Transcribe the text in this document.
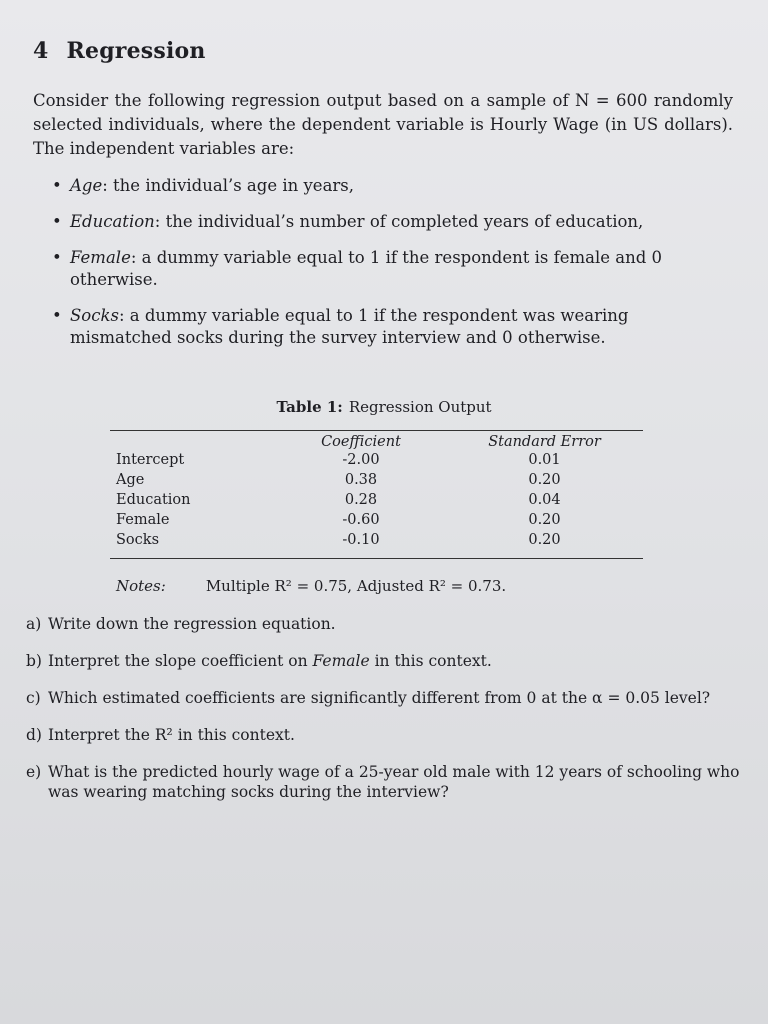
4 Regression
Consider the following regression output based on a sample of N = 600 randomly selected individuals, where the dependent variable is Hourly Wage (in US dollars). The independent variables are:
• Age: the individual’s age in years,
• Education: the individual’s number of completed years of education,
• Female: a dummy variable equal to 1 if the respondent is female and 0 otherwise.
• Socks: a dummy variable equal to 1 if the respondent was wearing mismatched socks during the survey interview and 0 otherwise.
Table 1: Regression Output
	Coefficient	Standard Error
Intercept	-2.00	0.01
Age	0.38	0.20
Education	0.28	0.04
Female	-0.60	0.20
Socks	-0.10	0.20
Notes:	Multiple R² = 0.75, Adjusted R² = 0.73.
a) Write down the regression equation.
b) Interpret the slope coefficient on Female in this context.
c) Which estimated coefficients are significantly different from 0 at the α = 0.05 level?
d) Interpret the R² in this context.
e) What is the predicted hourly wage of a 25-year old male with 12 years of schooling who was wearing matching socks during the interview?
